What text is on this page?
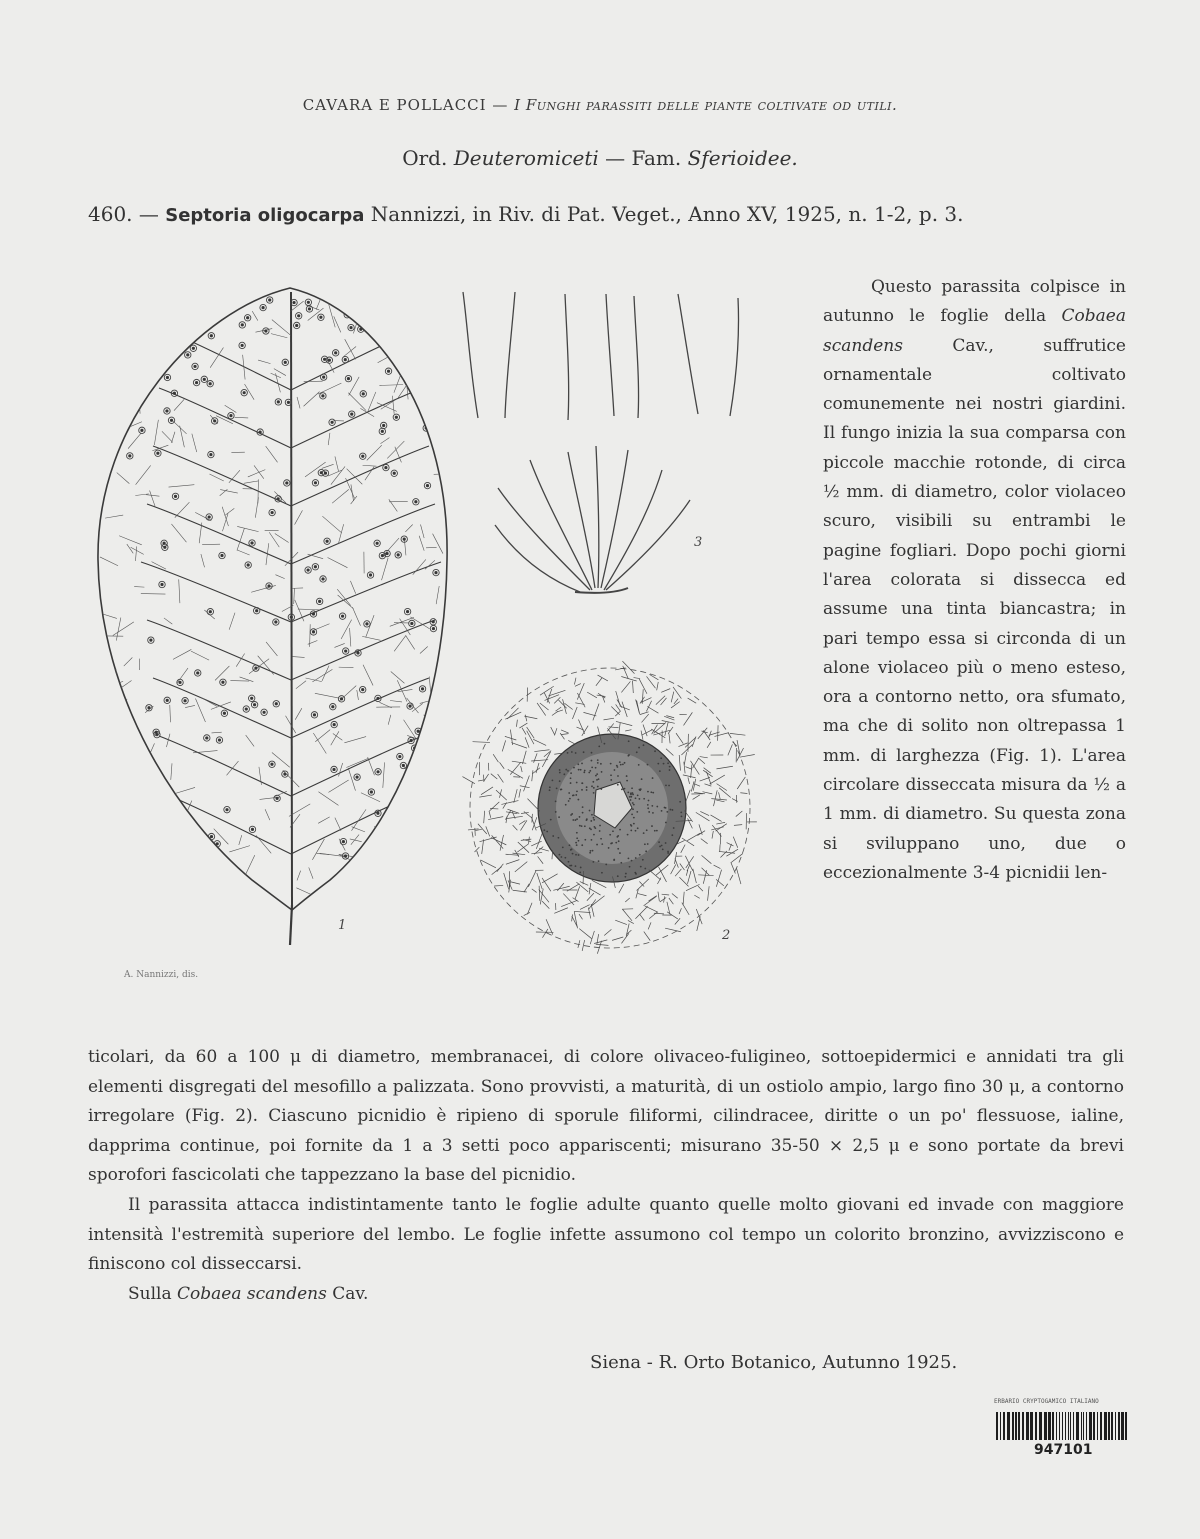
CAVARA E POLLACCI — I Funghi parassiti delle piante coltivate od utili.
Ord. Deuteromiceti — Fam. Sferioidee.
460. — Septoria oligocarpa Nannizzi, in Riv. di Pat. Veget., Anno XV, 1925, n. 1-2, p. 3.
1
2
3
A. Nannizzi, dis.

Questo parassita colpisce in autunno le foglie della Cobaea scandens Cav., suffrutice ornamentale coltivato comunemente nei nostri giardini. Il fungo inizia la sua comparsa con piccole macchie rotonde, di circa ½ mm. di diametro, color violaceo scuro, visibili su entrambi le pagine fogliari. Dopo pochi giorni l'area colorata si dissecca ed assume una tinta biancastra; in pari tempo essa si circonda di un alone violaceo più o meno esteso, ora a contorno netto, ora sfumato, ma che di solito non oltrepassa 1 mm. di larghezza (Fig. 1). L'area circolare disseccata misura da ½ a 1 mm. di diametro. Su questa zona si sviluppano uno, due o eccezionalmente 3-4 picnidii len-

ticolari, da 60 a 100 μ di diametro, membranacei, di colore olivaceo-fuligineo, sottoepidermici e annidati tra gli elementi disgregati del mesofillo a palizzata. Sono provvisti, a maturità, di un ostiolo ampio, largo fino 30 μ, a contorno irregolare (Fig. 2). Ciascuno picnidio è ripieno di sporule filiformi, cilindracee, diritte o un po' flessuose, ialine, dapprima continue, poi fornite da 1 a 3 setti poco appariscenti; misurano 35-50 × 2,5 μ e sono portate da brevi sporofori fascicolati che tappezzano la base del picnidio.

Il parassita attacca indistintamente tanto le foglie adulte quanto quelle molto giovani ed invade con maggiore intensità l'estremità superiore del lembo. Le foglie infette assumono col tempo un colorito bronzino, avvizziscono e finiscono col disseccarsi.

Sulla Cobaea scandens Cav.

Siena - R. Orto Botanico, Autunno 1925.
ERBARIO CRYPTOGAMICO ITALIANO
947101
